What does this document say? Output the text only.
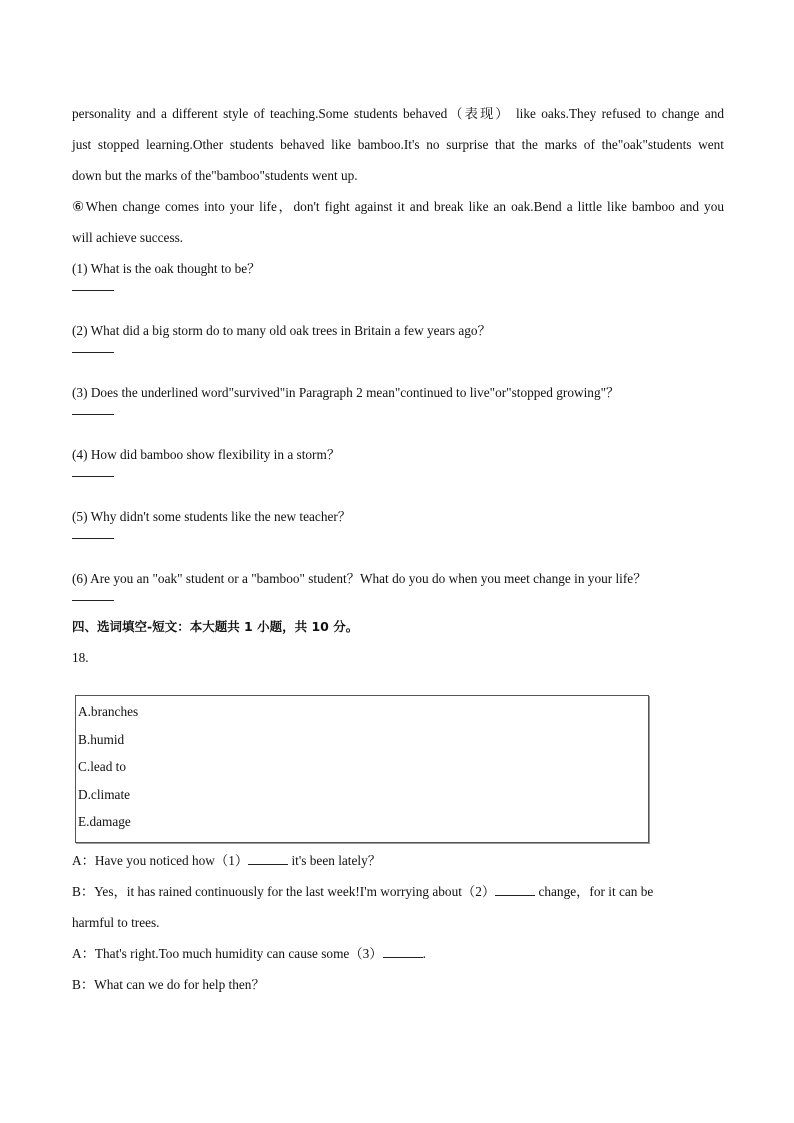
personality and a different style of teaching.Some students behaved（表现） like oaks.They refused to change and
just stopped learning.Other students behaved like bamboo.It's no surprise that the marks of the"oak"students went
down but the marks of the"bamboo"students went up.
⑥When change comes into your life，don't fight against it and break like an oak.Bend a little like bamboo and you
will achieve success.
(1) What is the oak thought to be？
(2) What did a big storm do to many old oak trees in Britain a few years ago？
(3) Does the underlined word"survived"in Paragraph 2 mean"continued to live"or"stopped growing"？
(4) How did bamboo show flexibility in a storm？
(5) Why didn't some students like the new teacher？
(6) Are you an "oak" student or a "bamboo" student？What do you do when you meet change in your life？
四、选词填空-短文：本大题共 1 小题，共 10 分。
18.
A.branches
B.humid
C.lead to
D.climate
E.damage
A：Have you noticed how（1）	it's been lately？
B：Yes，it has rained continuously for the last week!I'm worrying about（2）	change，for it can be
harmful to trees.
A：That's right.Too much humidity can cause some（3）	.
B：What can we do for help then？
